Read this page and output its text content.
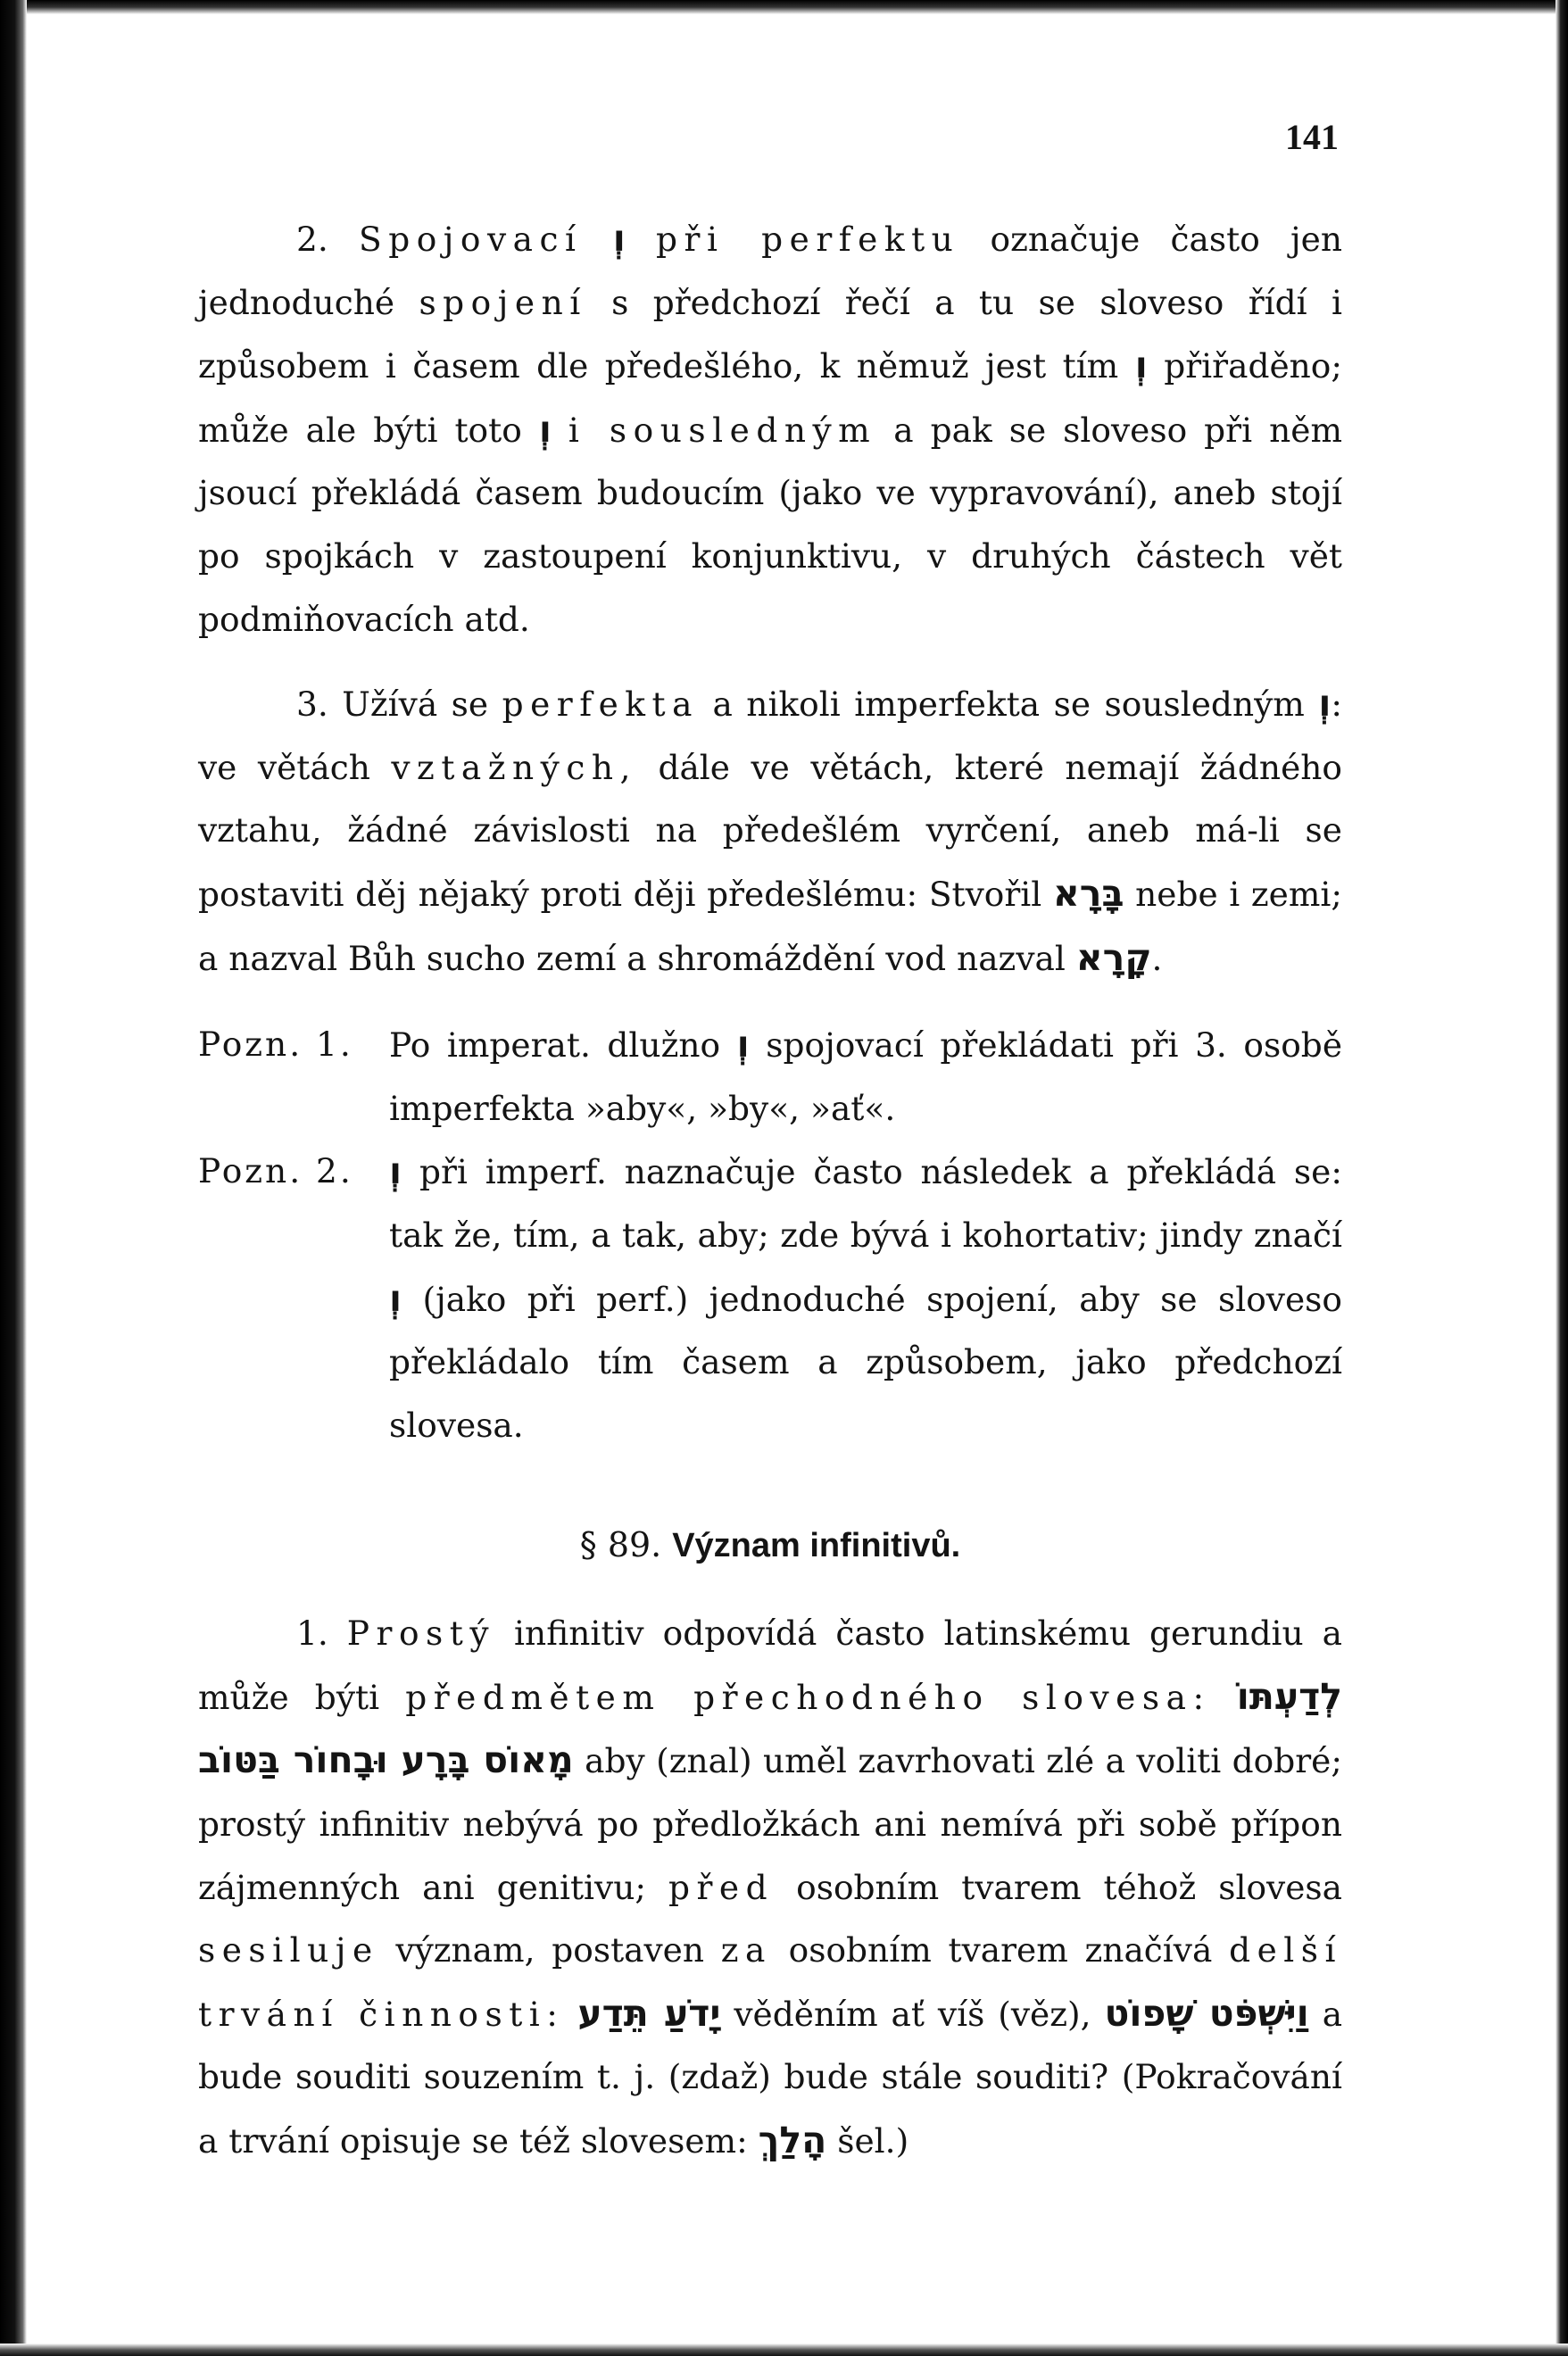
141

2. Spojovací וְ při perfektu označuje často jen jednoduché spojení s předchozí řečí a tu se sloveso řídí i způsobem i časem dle předešlého, k němuž jest tím וְ přiřaděno; může ale býti toto וְ i sousledným a pak se sloveso při něm jsoucí překládá časem budoucím (jako ve vypravování), aneb stojí po spojkách v zastoupení konjunktivu, v druhých částech vět podmiňovacích atd.

3. Užívá se perfekta a nikoli imperfekta se sousledným וְ: ve větách vztažných, dále ve větách, které nemají žádného vztahu, žádné závislosti na předešlém vyrčení, aneb má-li se postaviti děj nějaký proti ději předešlému: Stvořil בָּרָא nebe i zemi; a nazval Bůh sucho zemí a shromáždění vod nazval קָרָא.

Pozn. 1.	Po imperat. dlužno וְ spojovací překládati při 3. osobě imperfekta »aby«, »by«, »ať«.
Pozn. 2. וְ při imperf. naznačuje často následek a překládá se: tak že, tím, a tak, aby; zde bývá i kohortativ; jindy značí וְ (jako při perf.) jednoduché spojení, aby se sloveso překládalo tím časem a způsobem, jako předchozí slovesa.
§ 89. Význam infinitivů.

1. Prostý infinitiv odpovídá často latinskému gerundiu a může býti předmětem přechodného slovesa: לְדַעְתּוֹ מָאוֹס בָּרָע וּבָחוֹר בַּטּוֹב aby (znal) uměl zavrhovati zlé a voliti dobré; prostý infinitiv nebývá po předložkách ani nemívá při sobě přípon zájmenných ani genitivu; před osobním tvarem téhož slovesa sesiluje význam, postaven za osobním tvarem značívá delší trvání činnosti: יָדֹעַ תֵּדַע věděním ať víš (věz), וַיִּשְׁפֹּט שָׁפוֹט a bude souditi souzením t. j. (zdaž) bude stále souditi? (Pokračování a trvání opisuje se též slovesem: הָלַךְ šel.)
